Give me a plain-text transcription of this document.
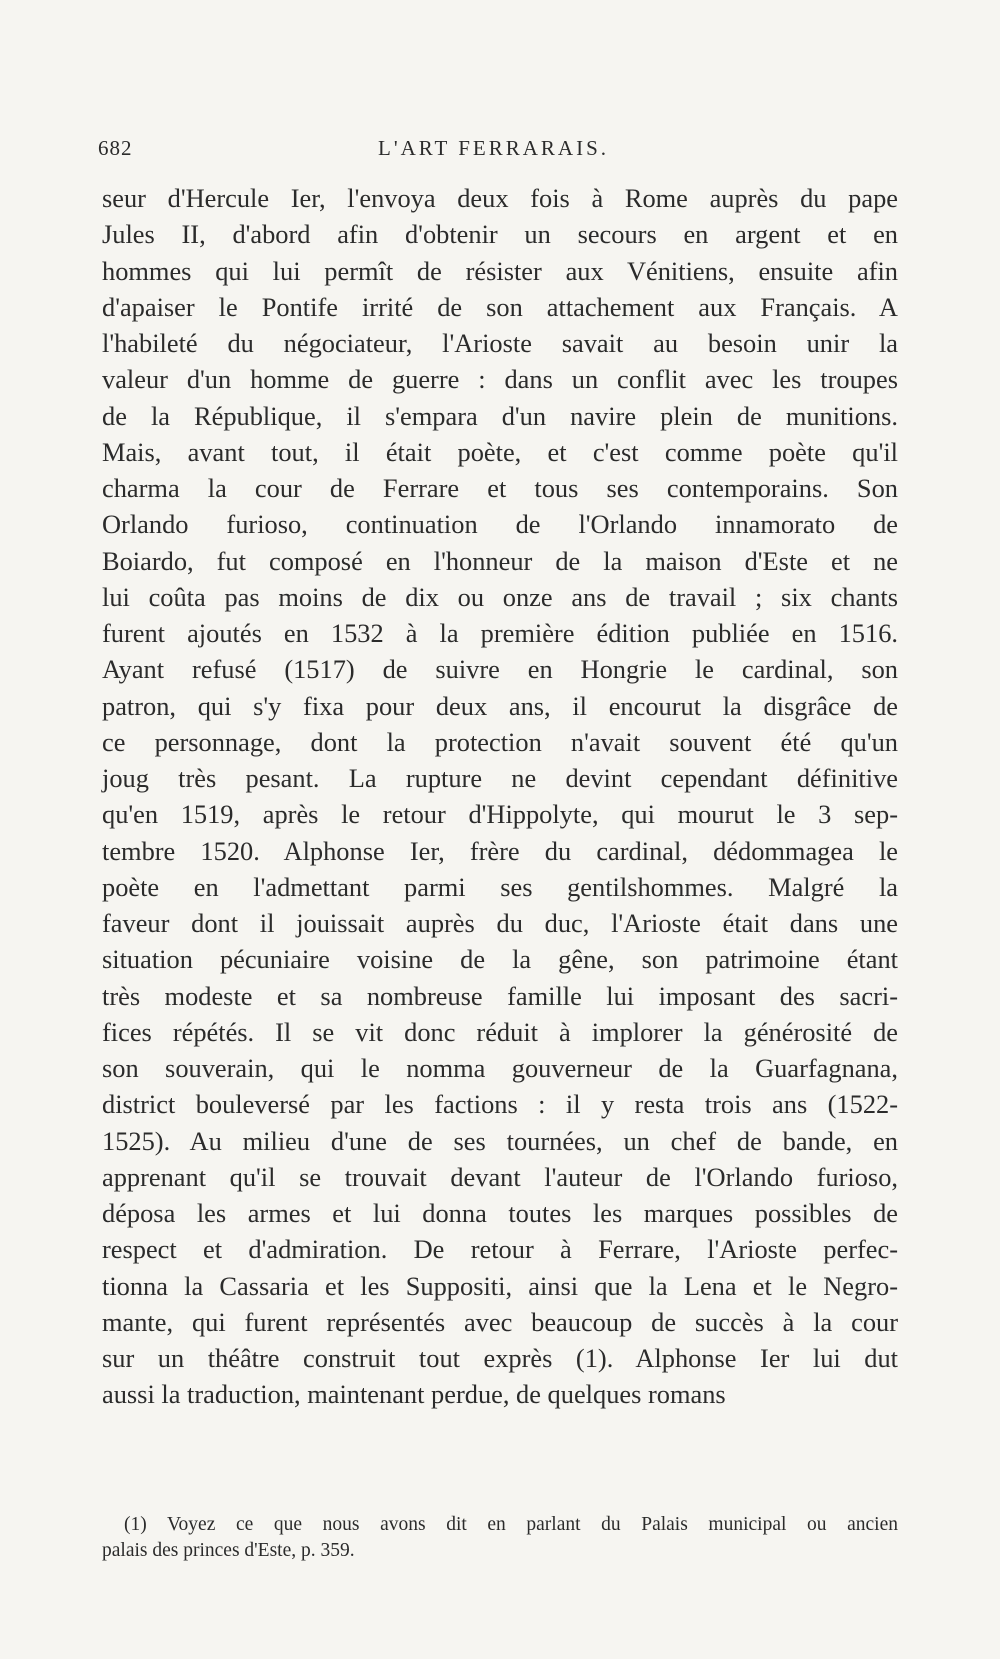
682	L'ART FERRARAIS.
seur d'Hercule Ier, l'envoya deux fois à Rome auprès du pape
Jules II, d'abord afin d'obtenir un secours en argent et en
hommes qui lui permît de résister aux Vénitiens, ensuite afin
d'apaiser le Pontife irrité de son attachement aux Français. A
l'habileté du négociateur, l'Arioste savait au besoin unir la
valeur d'un homme de guerre : dans un conflit avec les troupes
de la République, il s'empara d'un navire plein de munitions.
Mais, avant tout, il était poète, et c'est comme poète qu'il
charma la cour de Ferrare et tous ses contemporains. Son
Orlando furioso, continuation de l'Orlando innamorato de
Boiardo, fut composé en l'honneur de la maison d'Este et ne
lui coûta pas moins de dix ou onze ans de travail ; six chants
furent ajoutés en 1532 à la première édition publiée en 1516.
Ayant refusé (1517) de suivre en Hongrie le cardinal, son
patron, qui s'y fixa pour deux ans, il encourut la disgrâce de
ce personnage, dont la protection n'avait souvent été qu'un
joug très pesant. La rupture ne devint cependant définitive
qu'en 1519, après le retour d'Hippolyte, qui mourut le 3 sep-
tembre 1520. Alphonse Ier, frère du cardinal, dédommagea le
poète en l'admettant parmi ses gentilshommes. Malgré la
faveur dont il jouissait auprès du duc, l'Arioste était dans une
situation pécuniaire voisine de la gêne, son patrimoine étant
très modeste et sa nombreuse famille lui imposant des sacri-
fices répétés. Il se vit donc réduit à implorer la générosité de
son souverain, qui le nomma gouverneur de la Guarfagnana,
district bouleversé par les factions : il y resta trois ans (1522-
1525). Au milieu d'une de ses tournées, un chef de bande, en
apprenant qu'il se trouvait devant l'auteur de l'Orlando furioso,
déposa les armes et lui donna toutes les marques possibles de
respect et d'admiration. De retour à Ferrare, l'Arioste perfec-
tionna la Cassaria et les Suppositi, ainsi que la Lena et le Negro-
mante, qui furent représentés avec beaucoup de succès à la cour
sur un théâtre construit tout exprès (1). Alphonse Ier lui dut
aussi la traduction, maintenant perdue, de quelques romans
(1) Voyez ce que nous avons dit en parlant du Palais municipal ou ancien
palais des princes d'Este, p. 359.
